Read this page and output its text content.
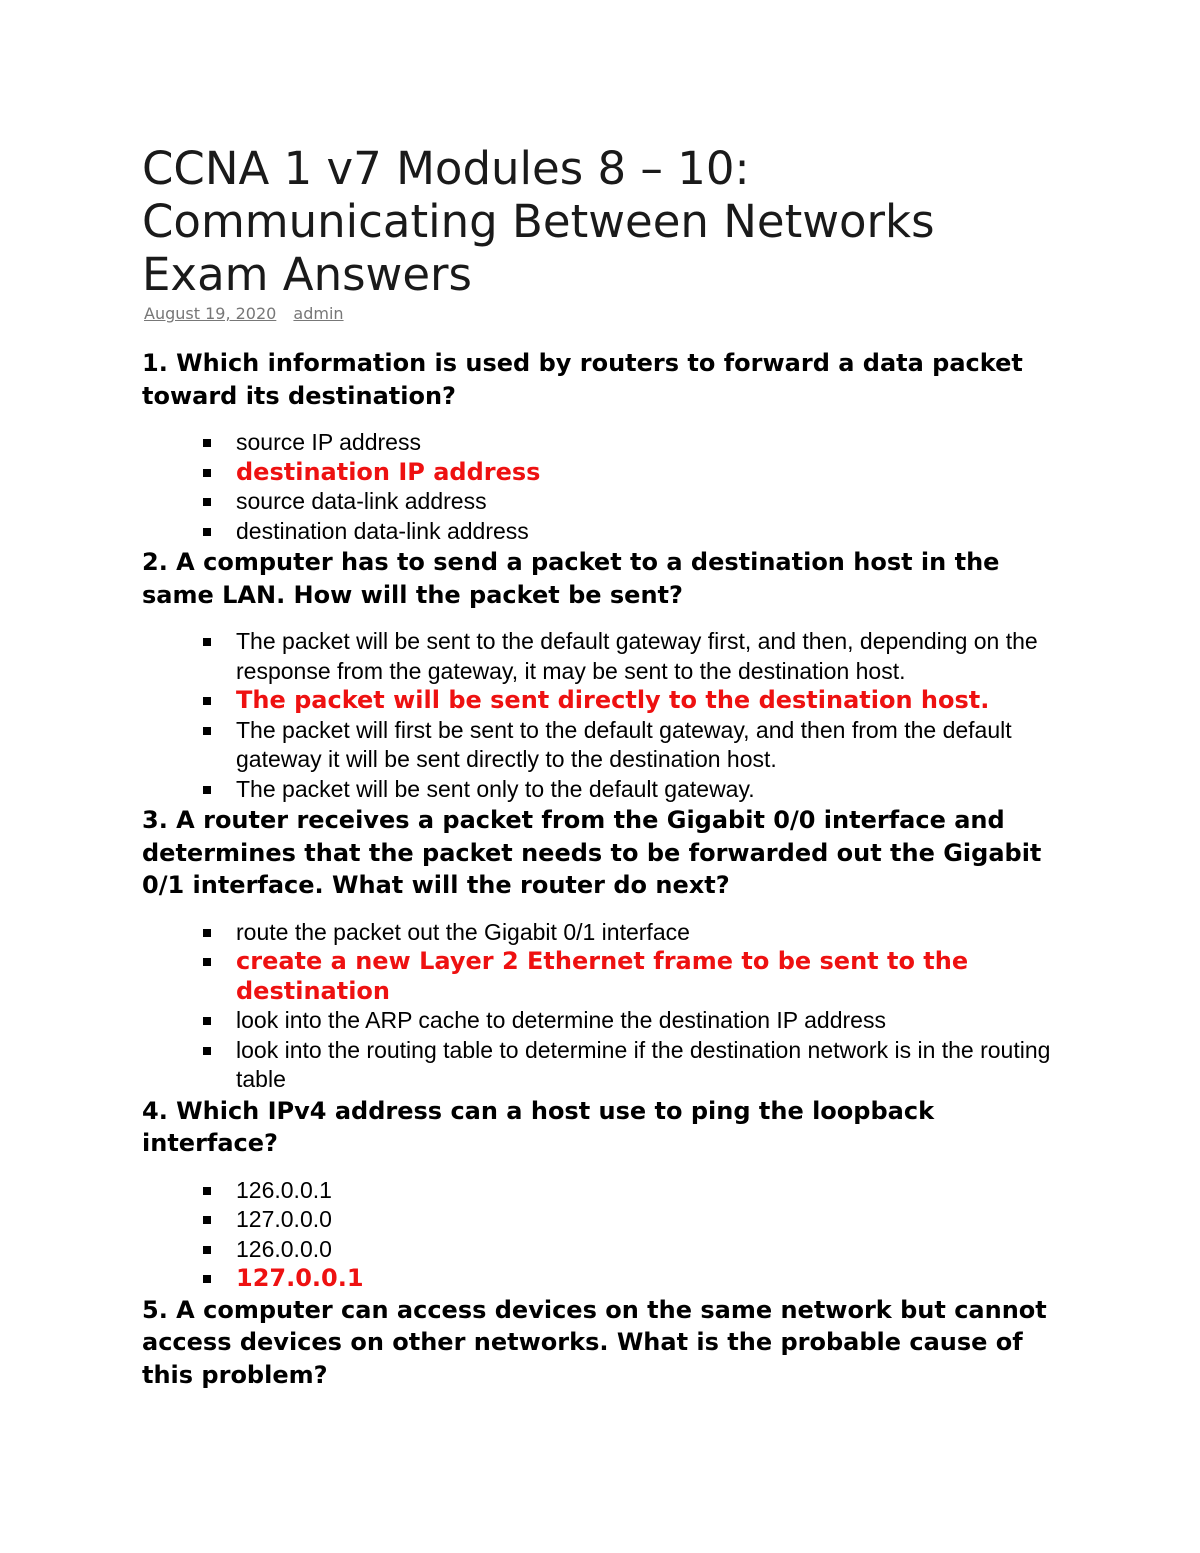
CCNA 1 v7 Modules 8 – 10:
Communicating Between Networks
Exam Answers
August 19, 2020 admin

1. Which information is used by routers to forward a data packet toward its destination?

source IP address
destination IP address
source data-link address
destination data-link address

2. A computer has to send a packet to a destination host in the same LAN. How will the packet be sent?

The packet will be sent to the default gateway first, and then, depending on the response from the gateway, it may be sent to the destination host.
The packet will be sent directly to the destination host.
The packet will first be sent to the default gateway, and then from the default gateway it will be sent directly to the destination host.
The packet will be sent only to the default gateway.

3. A router receives a packet from the Gigabit 0/0 interface and determines that the packet needs to be forwarded out the Gigabit 0/1 interface. What will the router do next?

route the packet out the Gigabit 0/1 interface
create a new Layer 2 Ethernet frame to be sent to the destination
look into the ARP cache to determine the destination IP address
look into the routing table to determine if the destination network is in the routing table

4. Which IPv4 address can a host use to ping the loopback interface?

126.0.0.1
127.0.0.0
126.0.0.0
127.0.0.1

5. A computer can access devices on the same network but cannot access devices on other networks. What is the probable cause of this problem?
